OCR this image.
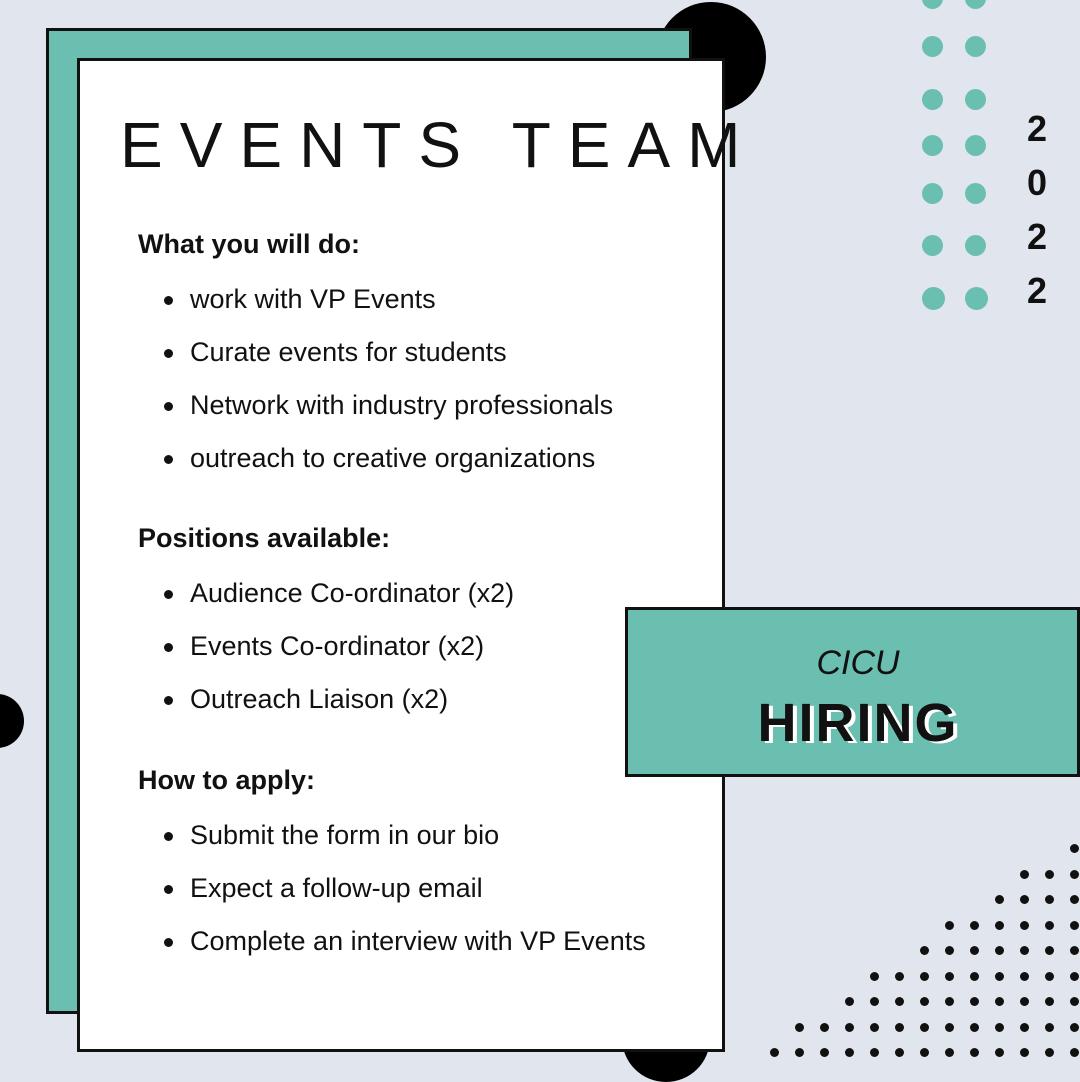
EVENTS TEAM
What you will do:
work with VP Events
Curate events for students
Network with industry professionals
outreach to creative organizations
Positions available:
Audience Co-ordinator (x2)
Events Co-ordinator (x2)
Outreach Liaison (x2)
How to apply:
Submit the form in our bio
Expect a follow-up email
Complete an interview with VP Events
2
0
2
2
CICU
HIRING
